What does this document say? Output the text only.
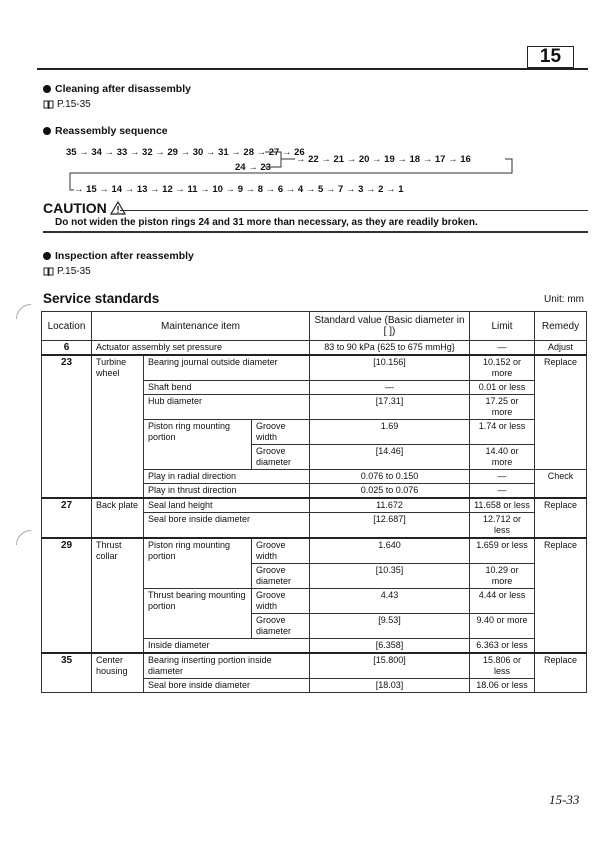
15
Cleaning after disassembly
P.15-35
Reassembly sequence
35 → 34 → 33 → 32 → 29 → 30 → 31 → 28 → 27 → 26
24 → 23
→ 22 → 21 → 20 → 19 → 18 → 17 → 16
→ 15 → 14 → 13 → 12 → 11 → 10 → 9 → 8 → 6 → 4 → 5 → 7 → 3 → 2 → 1
CAUTION
Do not widen the piston rings 24 and 31 more than necessary, as they are readily broken.
Inspection after reassembly
P.15-35
Service standards	Unit: mm
Location	Maintenance item			Standard value (Basic diameter in [ ])	Limit	Remedy
6	Actuator assembly set pressure			83 to 90 kPa {625 to 675 mmHg}	—	Adjust
23	Turbine wheel	Bearing journal outside diameter		[10.156]	10.152 or more	Replace
		Shaft bend		—	0.01 or less	
		Hub diameter		[17.31]	17.25 or more	
		Piston ring mounting portion	Groove width	1.69	1.74 or less	
			Groove diameter	[14.46]	14.40 or more	
		Play in radial direction		0.076 to 0.150	—	Check
		Play in thrust direction		0.025 to 0.076	—	
27	Back plate	Seal land height		11.672	11.658 or less	Replace
		Seal bore inside diameter		[12.687]	12.712 or less	
29	Thrust collar	Piston ring mounting portion	Groove width	1.640	1.659 or less	Replace
			Groove diameter	[10.35]	10.29 or more	
		Thrust bearing mounting portion	Groove width	4.43	4.44 or less	
			Groove diameter	[9.53]	9.40 or more	
		Inside diameter		[6.358]	6.363 or less	
35	Center housing	Bearing inserting portion inside diameter		[15.800]	15.806 or less	Replace
		Seal bore inside diameter		[18.03]	18.06 or less	
15-33
